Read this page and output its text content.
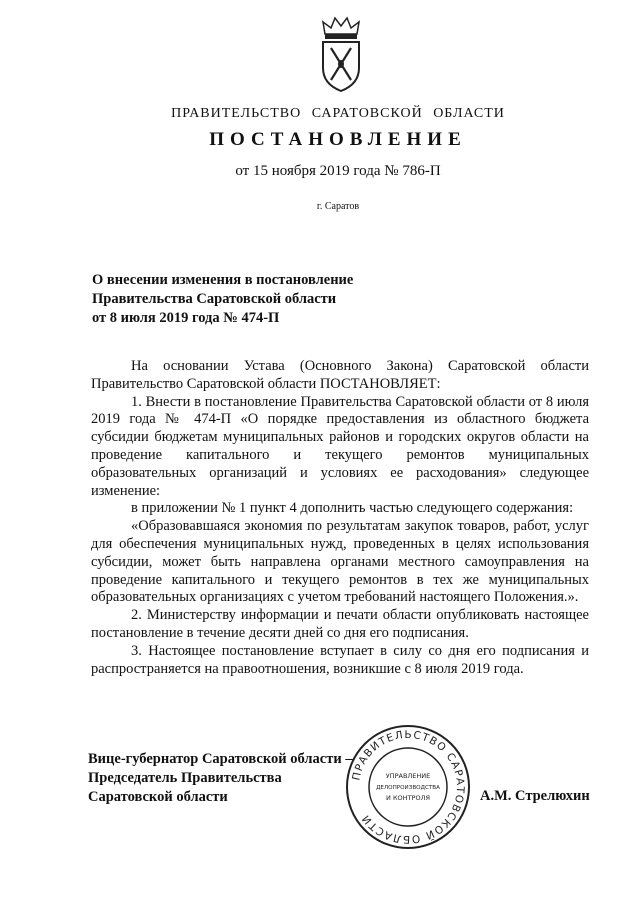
ПРАВИТЕЛЬСТВО САРАТОВСКОЙ ОБЛАСТИ
ПОСТАНОВЛЕНИЕ
от 15 ноября 2019 года № 786-П
г. Саратов
О внесении изменения в постановление
Правительства Саратовской области
от 8 июля 2019 года № 474-П

На основании Устава (Основного Закона) Саратовской области Правительство Саратовской области ПОСТАНОВЛЯЕТ:

1. Внести в постановление Правительства Саратовской области от 8 июля 2019 года № 474-П «О порядке предоставления из областного бюджета субсидии бюджетам муниципальных районов и городских округов области на проведение капитального и текущего ремонтов муниципальных образовательных организаций и условиях ее расходования» следующее изменение:

в приложении № 1 пункт 4 дополнить частью следующего содержания:

«Образовавшаяся экономия по результатам закупок товаров, работ, услуг для обеспечения муниципальных нужд, проведенных в целях использования субсидии, может быть направлена органами местного самоуправления на проведение капитального и текущего ремонтов в тех же муниципальных образовательных организациях с учетом требований настоящего Положения.».

2. Министерству информации и печати области опубликовать настоящее постановление в течение десяти дней со дня его подписания.

3. Настоящее постановление вступает в силу со дня его подписания и распространяется на правоотношения, возникшие с 8 июля 2019 года.

Вице-губернатор Саратовской области –
Председатель Правительства
Саратовской области
ПРАВИТЕЛЬСТВО САРАТОВСКОЙ ОБЛАСТИ
УПРАВЛЕНИЕ
ДЕЛОПРОИЗВОДСТВА
И КОНТРОЛЯ	А.М. Стрелюхин
